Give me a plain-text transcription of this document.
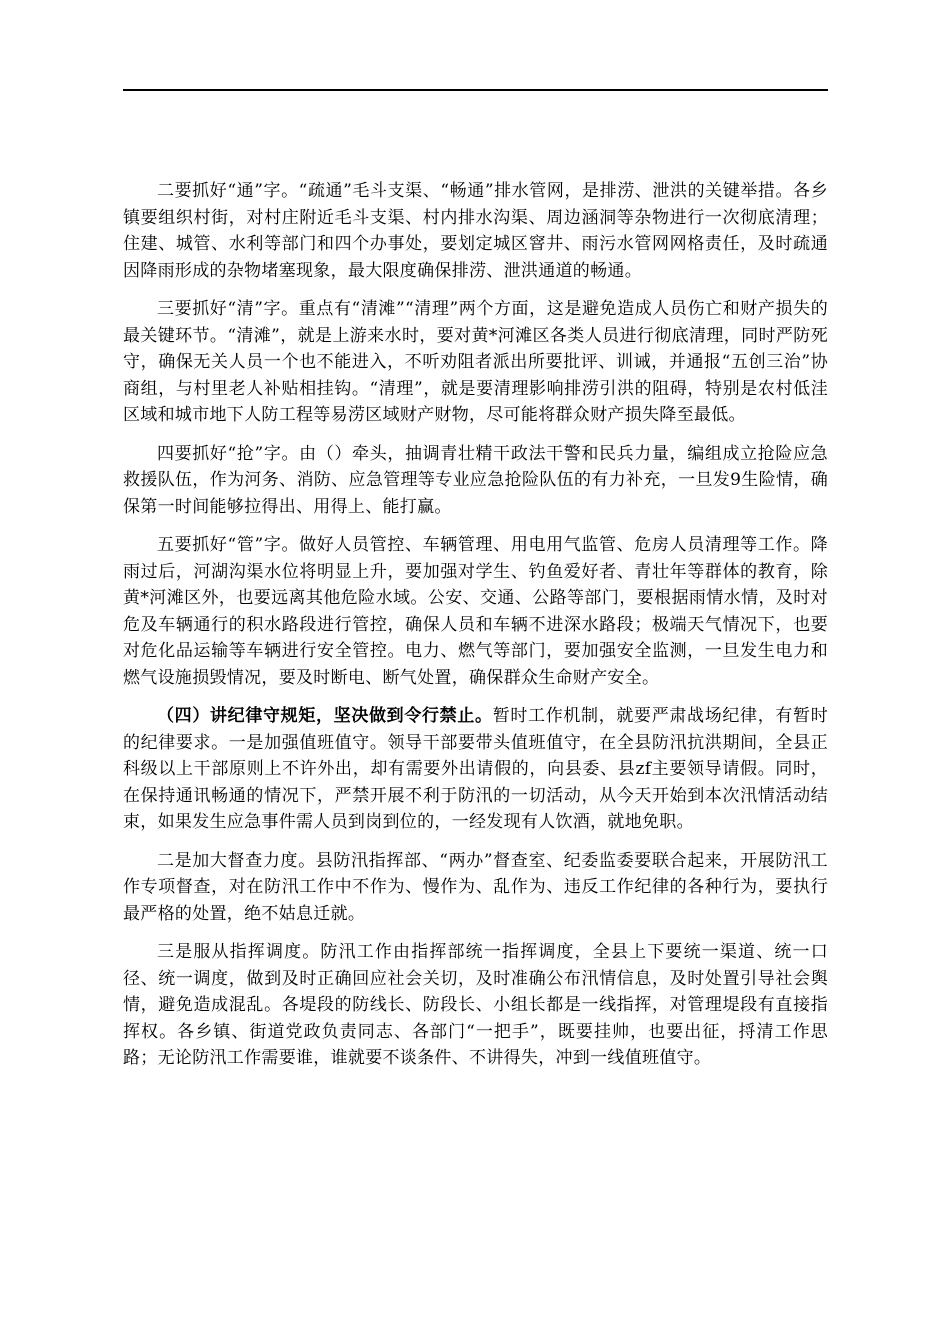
二要抓好“通”字。“疏通”毛斗支渠、“畅通”排水管网，是排涝、泄洪的关键举措。各乡镇要组织村街，对村庄附近毛斗支渠、村内排水沟渠、周边涵洞等杂物进行一次彻底清理；住建、城管、水利等部门和四个办事处，要划定城区窨井、雨污水管网网格责任，及时疏通因降雨形成的杂物堵塞现象，最大限度确保排涝、泄洪通道的畅通。

三要抓好“清”字。重点有“清滩”“清理”两个方面，这是避免造成人员伤亡和财产损失的最关键环节。“清滩”，就是上游来水时，要对黄*河滩区各类人员进行彻底清理，同时严防死守，确保无关人员一个也不能进入，不听劝阻者派出所要批评、训诫，并通报“五创三治”协商组，与村里老人补贴相挂钩。“清理”，就是要清理影响排涝引洪的阻碍，特别是农村低洼区域和城市地下人防工程等易涝区域财产财物，尽可能将群众财产损失降至最低。

四要抓好“抢”字。由（）牵头，抽调青壮精干政法干警和民兵力量，编组成立抢险应急救援队伍，作为河务、消防、应急管理等专业应急抢险队伍的有力补充，一旦发9生险情，确保第一时间能够拉得出、用得上、能打赢。

五要抓好“管”字。做好人员管控、车辆管理、用电用气监管、危房人员清理等工作。降雨过后，河湖沟渠水位将明显上升，要加强对学生、钓鱼爱好者、青壮年等群体的教育，除黄*河滩区外，也要远离其他危险水域。公安、交通、公路等部门，要根据雨情水情，及时对危及车辆通行的积水路段进行管控，确保人员和车辆不进深水路段；极端天气情况下，也要对危化品运输等车辆进行安全管控。电力、燃气等部门，要加强安全监测，一旦发生电力和燃气设施损毁情况，要及时断电、断气处置，确保群众生命财产安全。

（四）讲纪律守规矩，坚决做到令行禁止。暂时工作机制，就要严肃战场纪律，有暂时的纪律要求。一是加强值班值守。领导干部要带头值班值守，在全县防汛抗洪期间，全县正科级以上干部原则上不许外出，却有需要外出请假的，向县委、县zf主要领导请假。同时，在保持通讯畅通的情况下，严禁开展不利于防汛的一切活动，从今天开始到本次汛情活动结束，如果发生应急事件需人员到岗到位的，一经发现有人饮酒，就地免职。

二是加大督查力度。县防汛指挥部、“两办”督查室、纪委监委要联合起来，开展防汛工作专项督查，对在防汛工作中不作为、慢作为、乱作为、违反工作纪律的各种行为，要执行最严格的处置，绝不姑息迁就。

三是服从指挥调度。防汛工作由指挥部统一指挥调度，全县上下要统一渠道、统一口径、统一调度，做到及时正确回应社会关切，及时准确公布汛情信息，及时处置引导社会舆情，避免造成混乱。各堤段的防线长、防段长、小组长都是一线指挥，对管理堤段有直接指挥权。各乡镇、街道党政负责同志、各部门“一把手”，既要挂帅，也要出征，捋清工作思路；无论防汛工作需要谁，谁就要不谈条件、不讲得失，冲到一线值班值守。
